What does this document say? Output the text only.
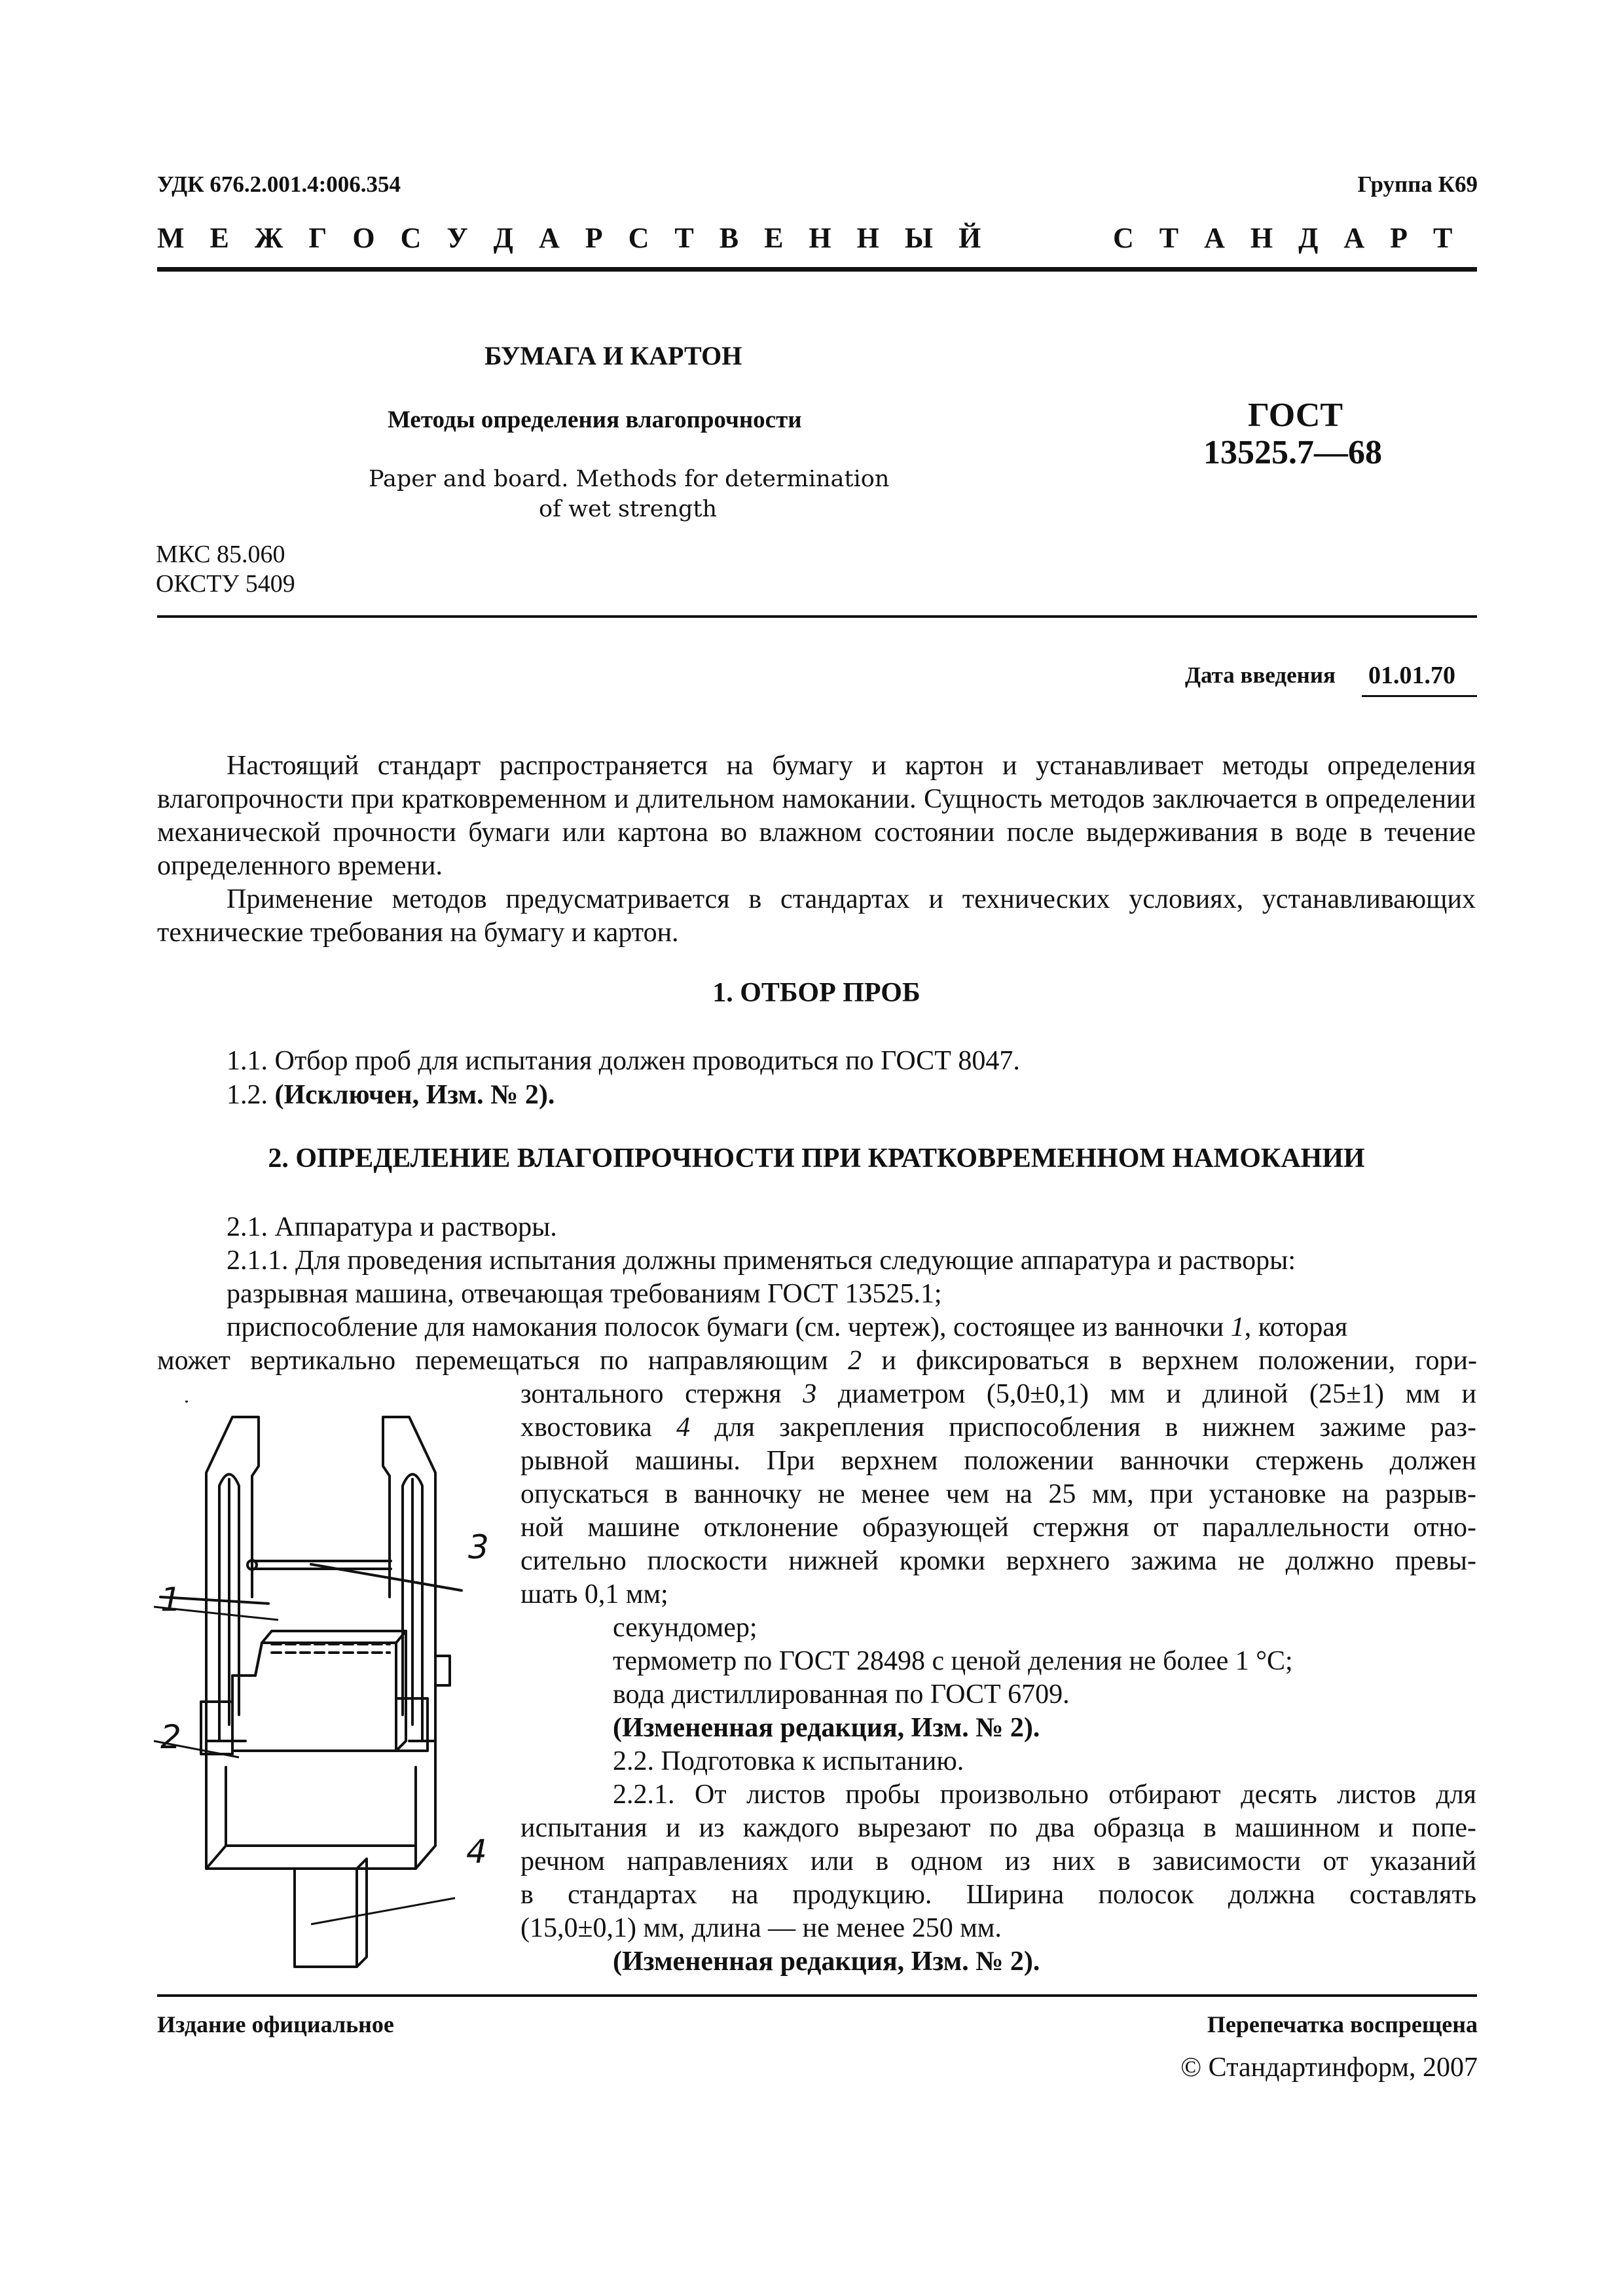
УДК 676.2.001.4:006.354	Группа К69
М Е Ж Г О С У Д А Р С Т В Е Н Н Ы Й	С Т А Н Д А Р Т
БУМАГА И КАРТОН
Методы определения влагопрочности
Paper and board. Methods for determination
of wet strength
ГОСТ
13525.7—68
МКС 85.060
ОКСТУ 5409
Дата введения 01.01.70
Настоящий стандарт распространяется на бумагу и картон и устанавливает методы определения влагопрочности при кратковременном и длительном намокании. Сущность методов заключается в определении механической прочности бумаги или картона во влажном состоянии после выдерживания в воде в течение определенного времени.
Применение методов предусматривается в стандартах и технических условиях, устанавливающих технические требования на бумагу и картон.
1. ОТБОР ПРОБ
1.1. Отбор проб для испытания должен проводиться по ГОСТ 8047.
1.2. (Исключен, Изм. № 2).
2. ОПРЕДЕЛЕНИЕ ВЛАГОПРОЧНОСТИ ПРИ КРАТКОВРЕМЕННОМ НАМОКАНИИ
2.1. Аппаратура и растворы.
2.1.1. Для проведения испытания должны применяться следующие аппаратура и растворы:
разрывная машина, отвечающая требованиям ГОСТ 13525.1;
приспособление для намокания полосок бумаги (см. чертеж), состоящее из ванночки 1, которая
может вертикально перемещаться по направляющим 2 и фиксироваться в верхнем положении, гори-
зонтального стержня 3 диаметром (5,0±0,1) мм и длиной (25±1) мм и
хвостовика 4 для закрепления приспособления в нижнем зажиме раз-
рывной машины. При верхнем положении ванночки стержень должен
опускаться в ванночку не менее чем на 25 мм, при установке на разрыв-
ной машине отклонение образующей стержня от параллельности отно-
сительно плоскости нижней кромки верхнего зажима не должно превы-
шать 0,1 мм;
секундомер;
термометр по ГОСТ 28498 с ценой деления не более 1 °С;
вода дистиллированная по ГОСТ 6709.
(Измененная редакция, Изм. № 2).
2.2. Подготовка к испытанию.
2.2.1. От листов пробы произвольно отбирают десять листов для
испытания и из каждого вырезают по два образца в машинном и попе-
речном направлениях или в одном из них в зависимости от указаний
в стандартах на продукцию. Ширина полосок должна составлять
(15,0±0,1) мм, длина — не менее 250 мм.
(Измененная редакция, Изм. № 2).
3
1
2
4
Издание официальное	Перепечатка воспрещена
© Стандартинформ, 2007
